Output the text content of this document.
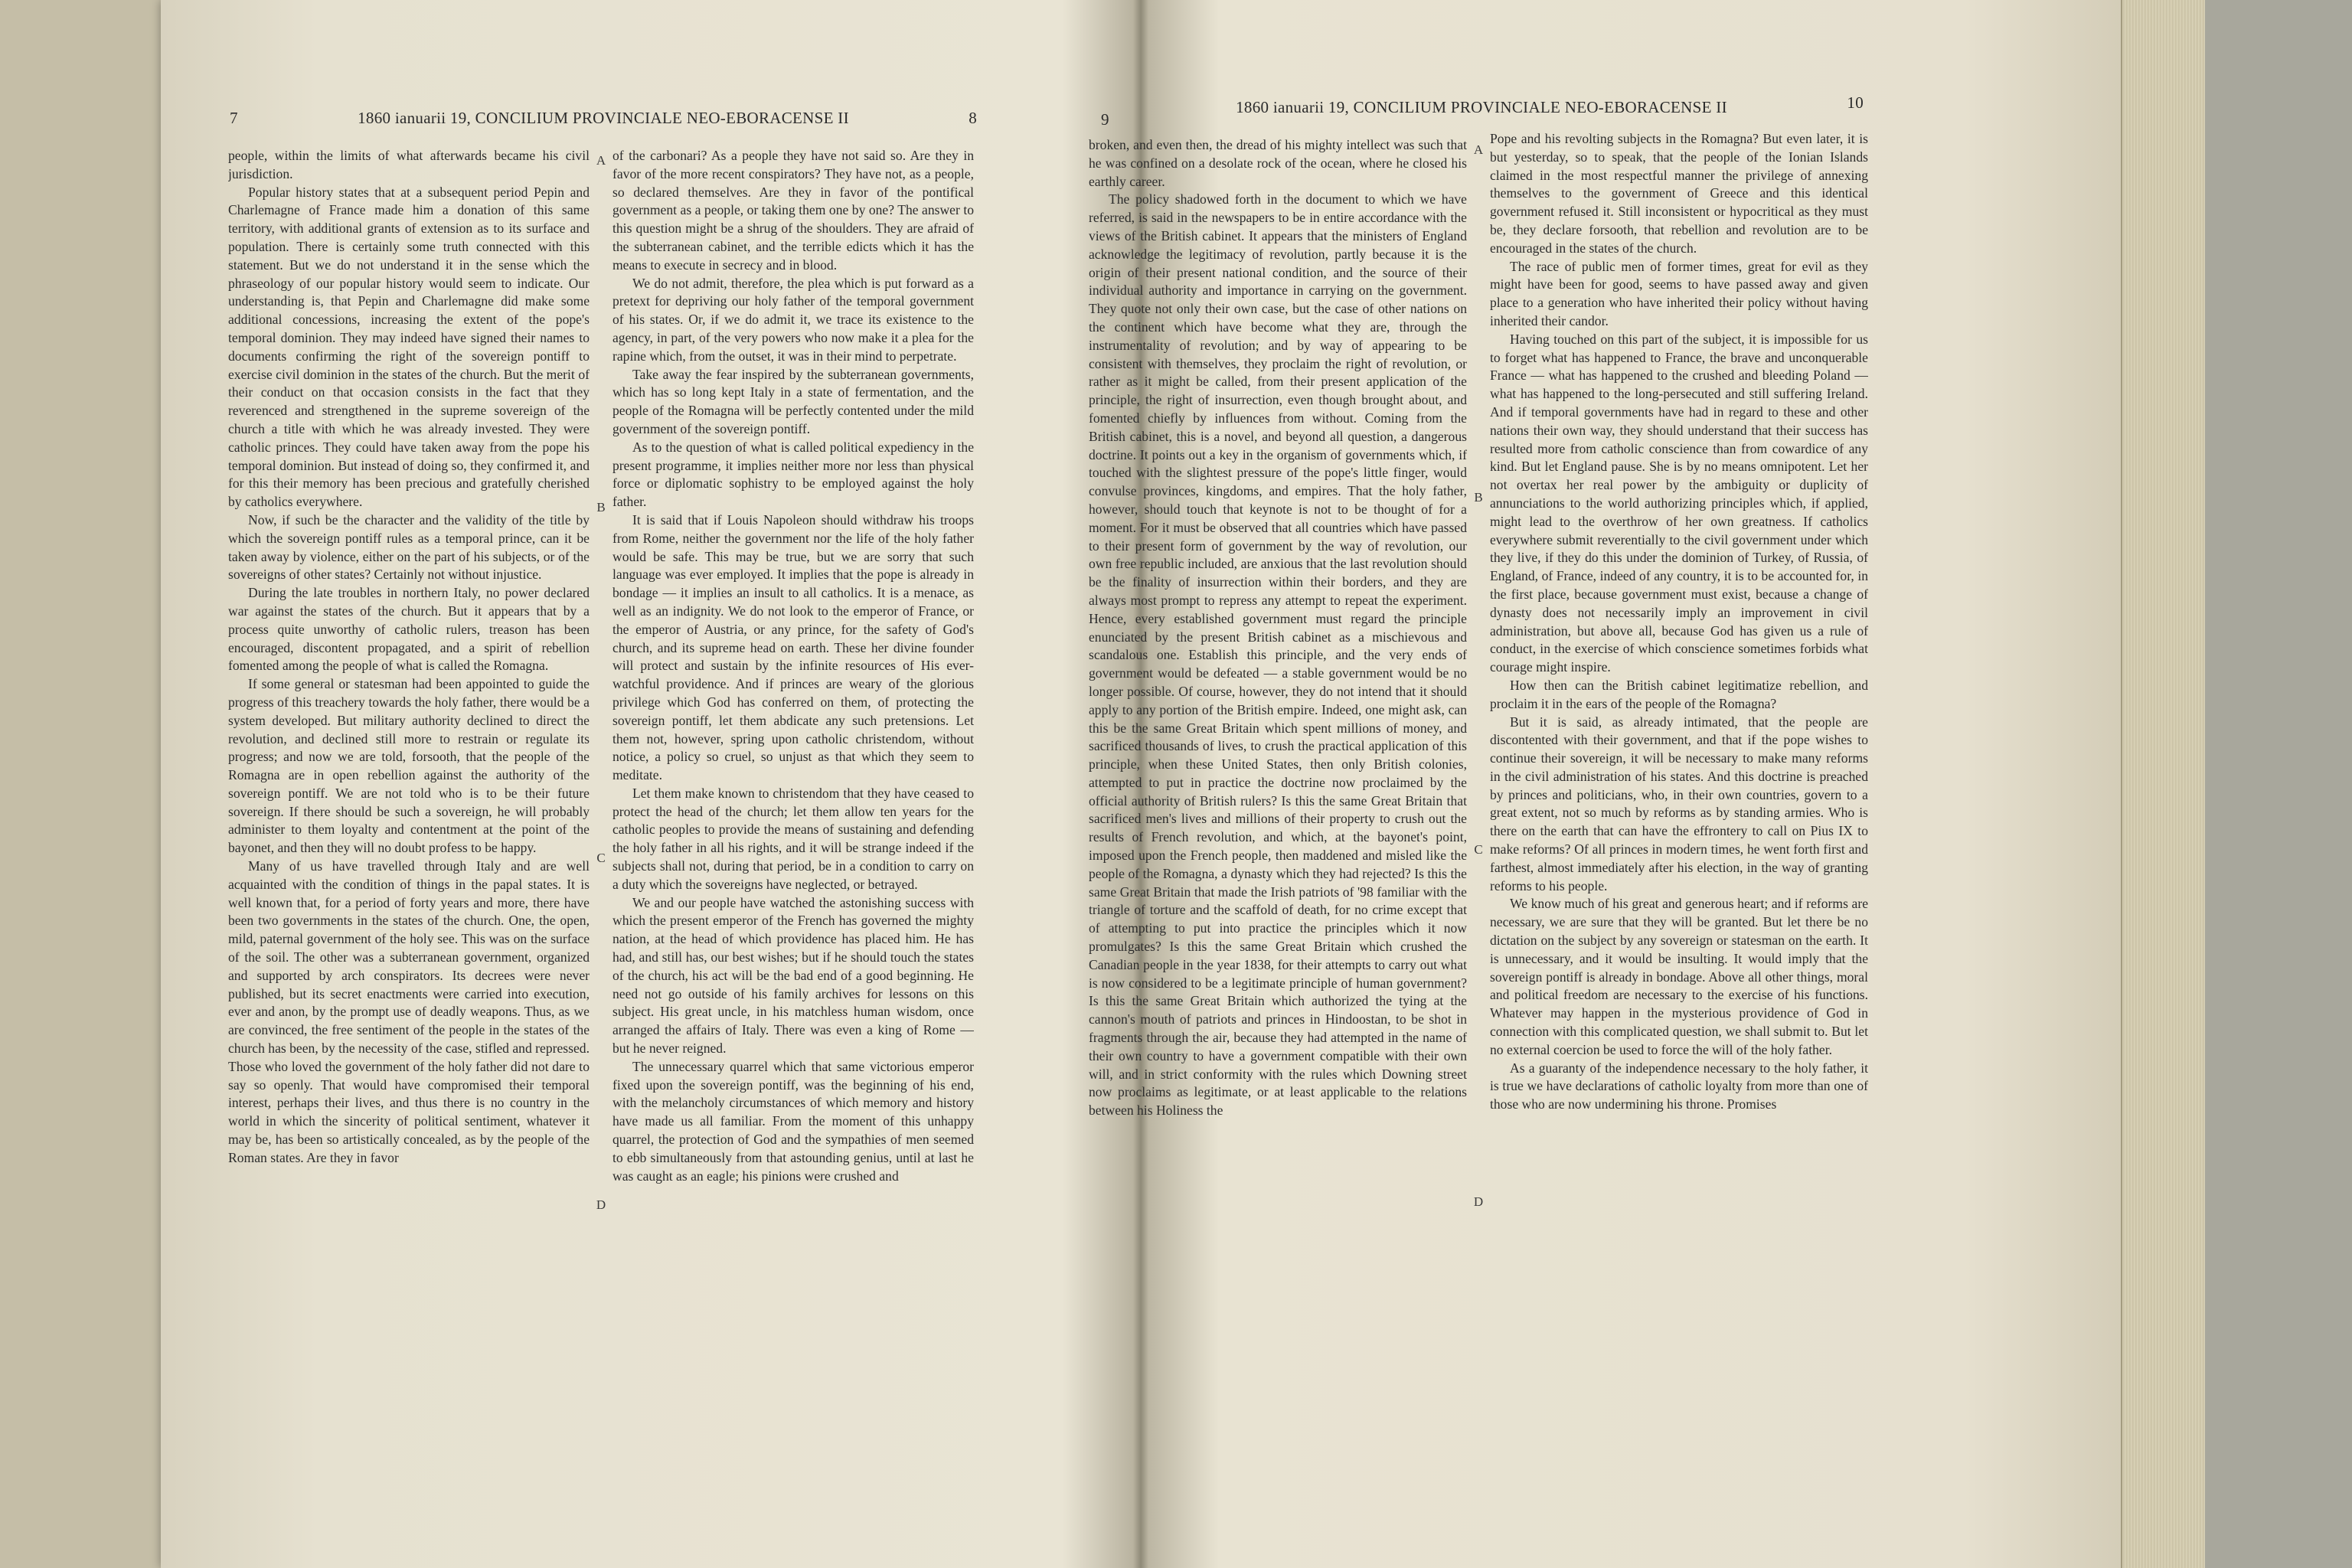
7	1860 ianuarii 19, CONCILIUM PROVINCIALE NEO-EBORACENSE II	8

people, within the limits of what afterwards became his civil jurisdiction.

Popular history states that at a subsequent period Pepin and Charlemagne of France made him a donation of this same territory, with additional grants of extension as to its surface and population. There is certainly some truth connected with this statement. But we do not understand it in the sense which the phraseology of our popular history would seem to indicate. Our understanding is, that Pepin and Charlemagne did make some additional concessions, increasing the extent of the pope's temporal dominion. They may indeed have signed their names to documents confirming the right of the sovereign pontiff to exercise civil dominion in the states of the church. But the merit of their conduct on that occasion consists in the fact that they reverenced and strengthened in the supreme sovereign of the church a title with which he was already invested. They were catholic princes. They could have taken away from the pope his temporal dominion. But instead of doing so, they confirmed it, and for this their memory has been precious and gratefully cherished by catholics everywhere.

Now, if such be the character and the validity of the title by which the sovereign pontiff rules as a temporal prince, can it be taken away by violence, either on the part of his subjects, or of the sovereigns of other states? Certainly not without injustice.

During the late troubles in northern Italy, no power declared war against the states of the church. But it appears that by a process quite unworthy of catholic rulers, treason has been encouraged, discontent propagated, and a spirit of rebellion fomented among the people of what is called the Romagna.

If some general or statesman had been appointed to guide the progress of this treachery towards the holy father, there would be a system developed. But military authority declined to direct the revolution, and declined still more to restrain or regulate its progress; and now we are told, forsooth, that the people of the Romagna are in open rebellion against the authority of the sovereign pontiff. We are not told who is to be their future sovereign. If there should be such a sovereign, he will probably administer to them loyalty and contentment at the point of the bayonet, and then they will no doubt profess to be happy.

Many of us have travelled through Italy and are well acquainted with the condition of things in the papal states. It is well known that, for a period of forty years and more, there have been two governments in the states of the church. One, the open, mild, paternal government of the holy see. This was on the surface of the soil. The other was a subterranean government, organized and supported by arch conspirators. Its decrees were never published, but its secret enactments were carried into execution, ever and anon, by the prompt use of deadly weapons. Thus, as we are convinced, the free sentiment of the people in the states of the church has been, by the necessity of the case, stifled and repressed. Those who loved the government of the holy father did not dare to say so openly. That would have compromised their temporal interest, perhaps their lives, and thus there is no country in the world in which the sincerity of political sentiment, whatever it may be, has been so artistically concealed, as by the people of the Roman states. Are they in favor

of the carbonari? As a people they have not said so. Are they in favor of the more recent conspirators? They have not, as a people, so declared themselves. Are they in favor of the pontifical government as a people, or taking them one by one? The answer to this question might be a shrug of the shoulders. They are afraid of the subterranean cabinet, and the terrible edicts which it has the means to execute in secrecy and in blood.

We do not admit, therefore, the plea which is put forward as a pretext for depriving our holy father of the temporal government of his states. Or, if we do admit it, we trace its existence to the agency, in part, of the very powers who now make it a plea for the rapine which, from the outset, it was in their mind to perpetrate.

Take away the fear inspired by the subterranean governments, which has so long kept Italy in a state of fermentation, and the people of the Romagna will be perfectly contented under the mild government of the sovereign pontiff.

As to the question of what is called political expediency in the present programme, it implies neither more nor less than physical force or diplomatic sophistry to be employed against the holy father.

It is said that if Louis Napoleon should withdraw his troops from Rome, neither the government nor the life of the holy father would be safe. This may be true, but we are sorry that such language was ever employed. It implies that the pope is already in bondage — it implies an insult to all catholics. It is a menace, as well as an indignity. We do not look to the emperor of France, or the emperor of Austria, or any prince, for the safety of God's church, and its supreme head on earth. These her divine founder will protect and sustain by the infinite resources of His ever-watchful providence. And if princes are weary of the glorious privilege which God has conferred on them, of protecting the sovereign pontiff, let them abdicate any such pretensions. Let them not, however, spring upon catholic christendom, without notice, a policy so cruel, so unjust as that which they seem to meditate.

Let them make known to christendom that they have ceased to protect the head of the church; let them allow ten years for the catholic peoples to provide the means of sustaining and defending the holy father in all his rights, and it will be strange indeed if the subjects shall not, during that period, be in a condition to carry on a duty which the sovereigns have neglected, or betrayed.

We and our people have watched the astonishing success with which the present emperor of the French has governed the mighty nation, at the head of which providence has placed him. He has had, and still has, our best wishes; but if he should touch the states of the church, his act will be the bad end of a good beginning. He need not go outside of his family archives for lessons on this subject. His great uncle, in his matchless human wisdom, once arranged the affairs of Italy. There was even a king of Rome — but he never reigned.

The unnecessary quarrel which that same victorious emperor fixed upon the sovereign pontiff, was the beginning of his end, with the melancholy circumstances of which memory and history have made us all familiar. From the moment of this unhappy quarrel, the protection of God and the sympathies of men seemed to ebb simultaneously from that astounding genius, until at last he was caught as an eagle; his pinions were crushed and

A
B
C
D
9
1860 ianuarii 19, CONCILIUM PROVINCIALE NEO-EBORACENSE II	10

broken, and even then, the dread of his mighty intellect was such that he was confined on a desolate rock of the ocean, where he closed his earthly career.

The policy shadowed forth in the document to which we have referred, is said in the newspapers to be in entire accordance with the views of the British cabinet. It appears that the ministers of England acknowledge the legitimacy of revolution, partly because it is the origin of their present national condition, and the source of their individual authority and importance in carrying on the government. They quote not only their own case, but the case of other nations on the continent which have become what they are, through the instrumentality of revolution; and by way of appearing to be consistent with themselves, they proclaim the right of revolution, or rather as it might be called, from their present application of the principle, the right of insurrection, even though brought about, and fomented chiefly by influences from without. Coming from the British cabinet, this is a novel, and beyond all question, a dangerous doctrine. It points out a key in the organism of governments which, if touched with the slightest pressure of the pope's little finger, would convulse provinces, kingdoms, and empires. That the holy father, however, should touch that keynote is not to be thought of for a moment. For it must be observed that all countries which have passed to their present form of government by the way of revolution, our own free republic included, are anxious that the last revolution should be the finality of insurrection within their borders, and they are always most prompt to repress any attempt to repeat the experiment. Hence, every established government must regard the principle enunciated by the present British cabinet as a mischievous and scandalous one. Establish this principle, and the very ends of government would be defeated — a stable government would be no longer possible. Of course, however, they do not intend that it should apply to any portion of the British empire. Indeed, one might ask, can this be the same Great Britain which spent millions of money, and sacrificed thousands of lives, to crush the practical application of this principle, when these United States, then only British colonies, attempted to put in practice the doctrine now proclaimed by the official authority of British rulers? Is this the same Great Britain that sacrificed men's lives and millions of their property to crush out the results of French revolution, and which, at the bayonet's point, imposed upon the French people, then maddened and misled like the people of the Romagna, a dynasty which they had rejected? Is this the same Great Britain that made the Irish patriots of '98 familiar with the triangle of torture and the scaffold of death, for no crime except that of attempting to put into practice the principles which it now promulgates? Is this the same Great Britain which crushed the Canadian people in the year 1838, for their attempts to carry out what is now considered to be a legitimate principle of human government? Is this the same Great Britain which authorized the tying at the cannon's mouth of patriots and princes in Hindoostan, to be shot in fragments through the air, because they had attempted in the name of their own country to have a government compatible with their own will, and in strict conformity with the rules which Downing street now proclaims as legitimate, or at least applicable to the relations between his Holiness the

Pope and his revolting subjects in the Romagna? But even later, it is but yesterday, so to speak, that the people of the Ionian Islands claimed in the most respectful manner the privilege of annexing themselves to the government of Greece and this identical government refused it. Still inconsistent or hypocritical as they must be, they declare forsooth, that rebellion and revolution are to be encouraged in the states of the church.

The race of public men of former times, great for evil as they might have been for good, seems to have passed away and given place to a generation who have inherited their policy without having inherited their candor.

Having touched on this part of the subject, it is impossible for us to forget what has happened to France, the brave and unconquerable France — what has happened to the crushed and bleeding Poland — what has happened to the long-persecuted and still suffering Ireland. And if temporal governments have had in regard to these and other nations their own way, they should understand that their success has resulted more from catholic conscience than from cowardice of any kind. But let England pause. She is by no means omnipotent. Let her not overtax her real power by the ambiguity or duplicity of annunciations to the world authorizing principles which, if applied, might lead to the overthrow of her own greatness. If catholics everywhere submit reverentially to the civil government under which they live, if they do this under the dominion of Turkey, of Russia, of England, of France, indeed of any country, it is to be accounted for, in the first place, because government must exist, because a change of dynasty does not necessarily imply an improvement in civil administration, but above all, because God has given us a rule of conduct, in the exercise of which conscience sometimes forbids what courage might inspire.

How then can the British cabinet legitimatize rebellion, and proclaim it in the ears of the people of the Romagna?

But it is said, as already intimated, that the people are discontented with their government, and that if the pope wishes to continue their sovereign, it will be necessary to make many reforms in the civil administration of his states. And this doctrine is preached by princes and politicians, who, in their own countries, govern to a great extent, not so much by reforms as by standing armies. Who is there on the earth that can have the effrontery to call on Pius IX to make reforms? Of all princes in modern times, he went forth first and farthest, almost immediately after his election, in the way of granting reforms to his people.

We know much of his great and generous heart; and if reforms are necessary, we are sure that they will be granted. But let there be no dictation on the subject by any sovereign or statesman on the earth. It is unnecessary, and it would be insulting. It would imply that the sovereign pontiff is already in bondage. Above all other things, moral and political freedom are necessary to the exercise of his functions. Whatever may happen in the mysterious providence of God in connection with this complicated question, we shall submit to. But let no external coercion be used to force the will of the holy father.

As a guaranty of the independence necessary to the holy father, it is true we have declarations of catholic loyalty from more than one of those who are now undermining his throne. Promises

A
B
C
D
